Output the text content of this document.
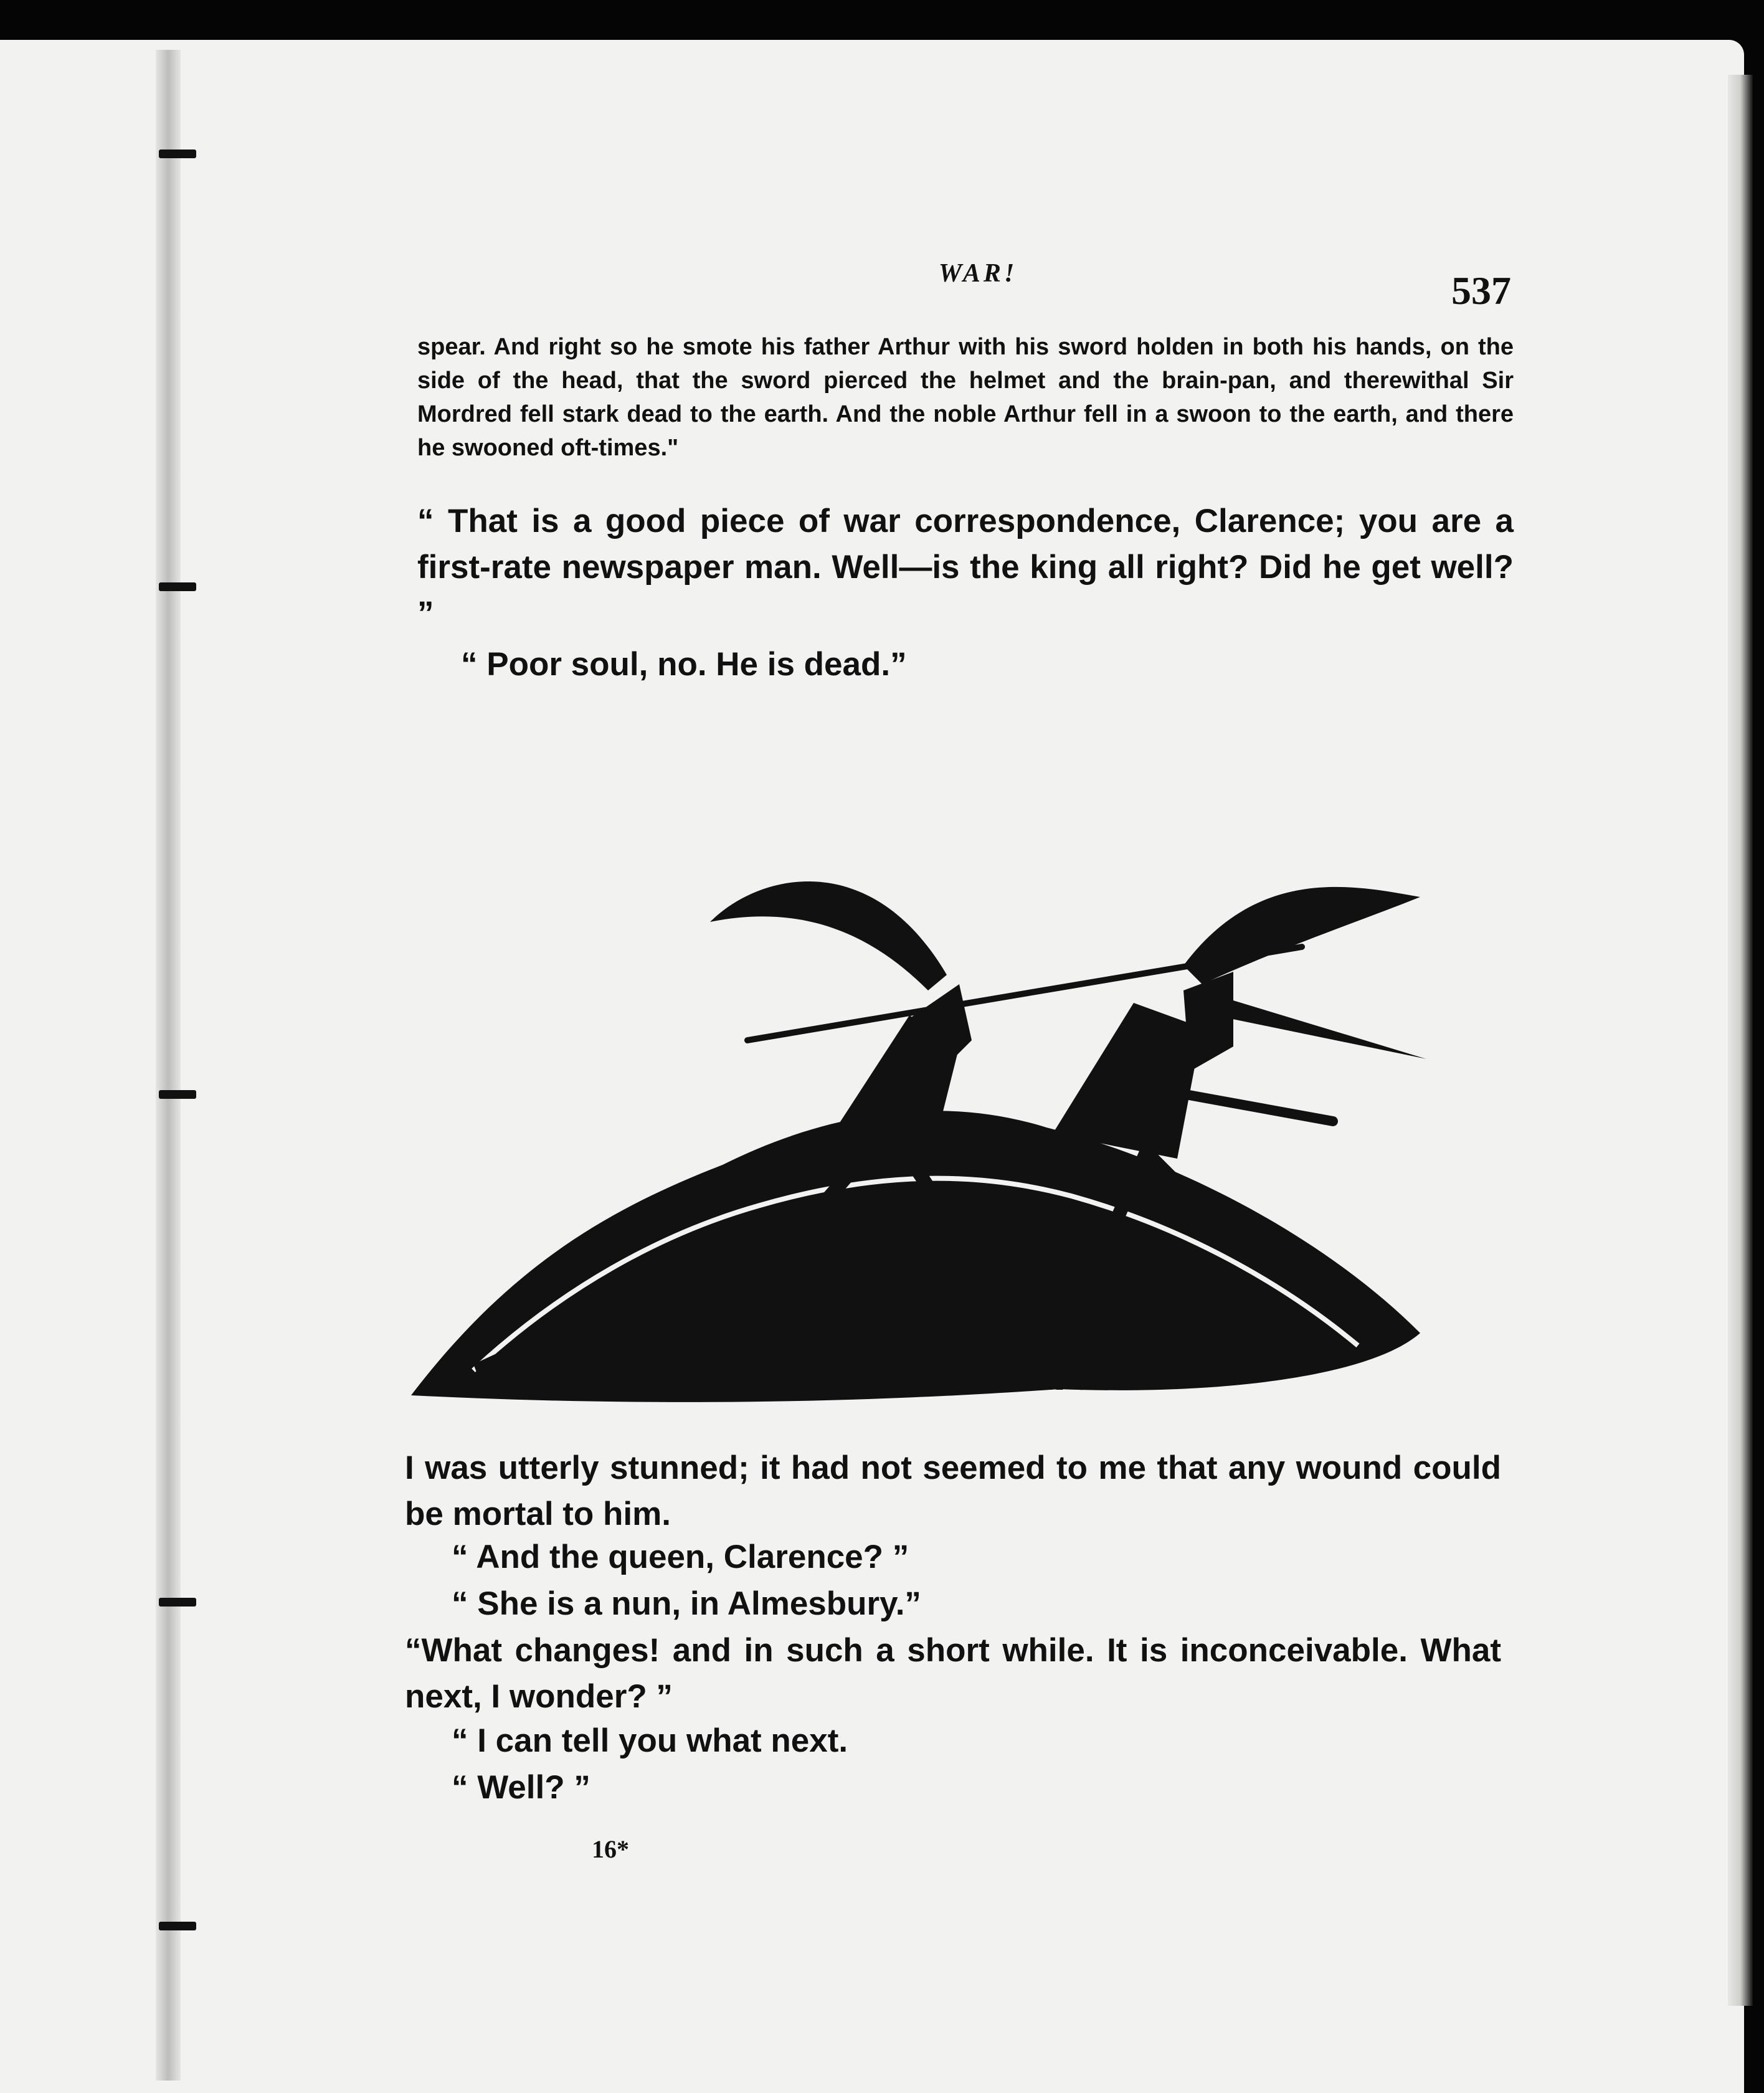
WAR!	537
spear. And right so he smote his father Arthur with his sword holden in both his hands, on the side of the head, that the sword pierced the helmet and the brain-pan, and therewithal Sir Mordred fell stark dead to the earth. And the noble Arthur fell in a swoon to the earth, and there he swooned oft-times."
“ That is a good piece of war correspondence, Clarence; you are a first-rate newspaper man. Well—is the king all right? Did he get well? ”
“ Poor soul, no. He is dead.”
“ TRAITOR, NOW IS THY DEATH DAY COME.”
I was utterly stunned; it had not seemed to me that any wound could be mortal to him.
“ And the queen, Clarence? ”
“ She is a nun, in Almesbury.”
“What changes! and in such a short while. It is inconceivable. What next, I wonder? ”
“ I can tell you what next.
“ Well? ”
16*
